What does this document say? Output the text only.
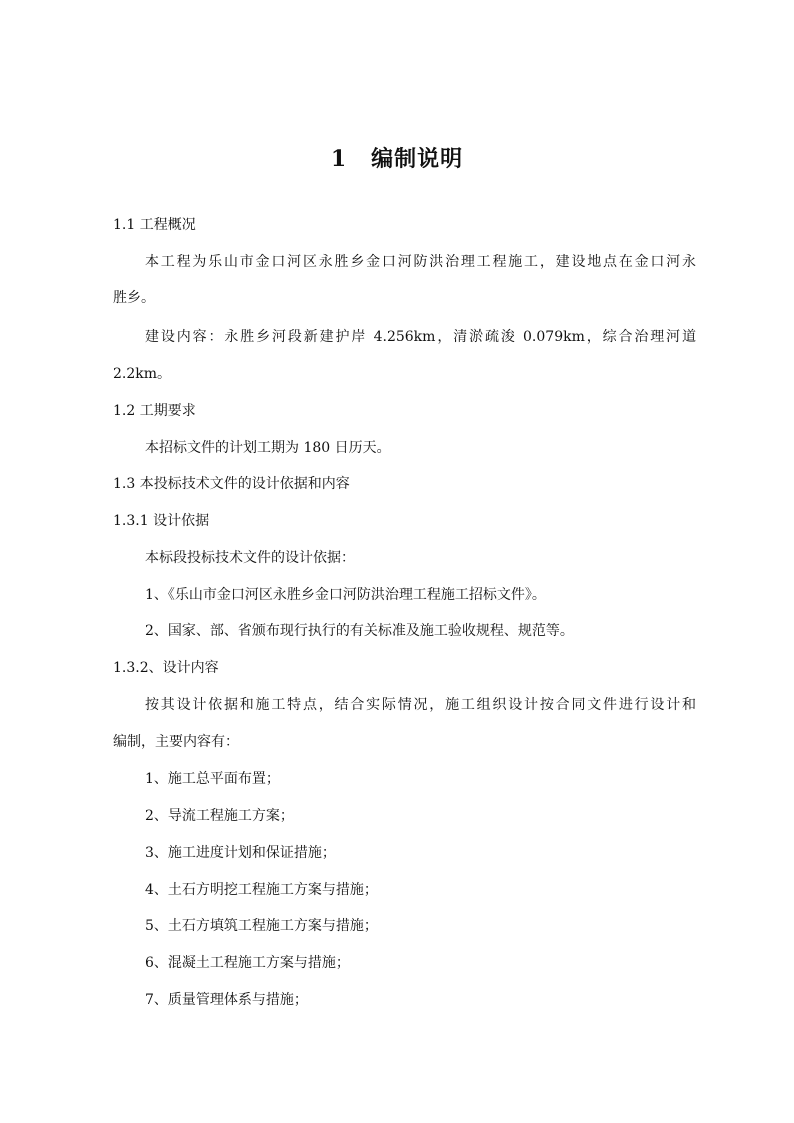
1 编制说明
1.1 工程概况
本工程为乐山市金口河区永胜乡金口河防洪治理工程施工，建设地点在金口河永
胜乡。
建设内容：永胜乡河段新建护岸 4.256km，清淤疏浚 0.079km，综合治理河道
2.2km。
1.2 工期要求
本招标文件的计划工期为 180 日历天。
1.3 本投标技术文件的设计依据和内容
1.3.1 设计依据
本标段投标技术文件的设计依据：
1、《乐山市金口河区永胜乡金口河防洪治理工程施工招标文件》。
2、国家、部、省颁布现行执行的有关标准及施工验收规程、规范等。
1.3.2、设计内容
按其设计依据和施工特点，结合实际情况，施工组织设计按合同文件进行设计和
编制，主要内容有：
1、施工总平面布置；
2、导流工程施工方案；
3、施工进度计划和保证措施；
4、土石方明挖工程施工方案与措施；
5、土石方填筑工程施工方案与措施；
6、混凝土工程施工方案与措施；
7、质量管理体系与措施；
